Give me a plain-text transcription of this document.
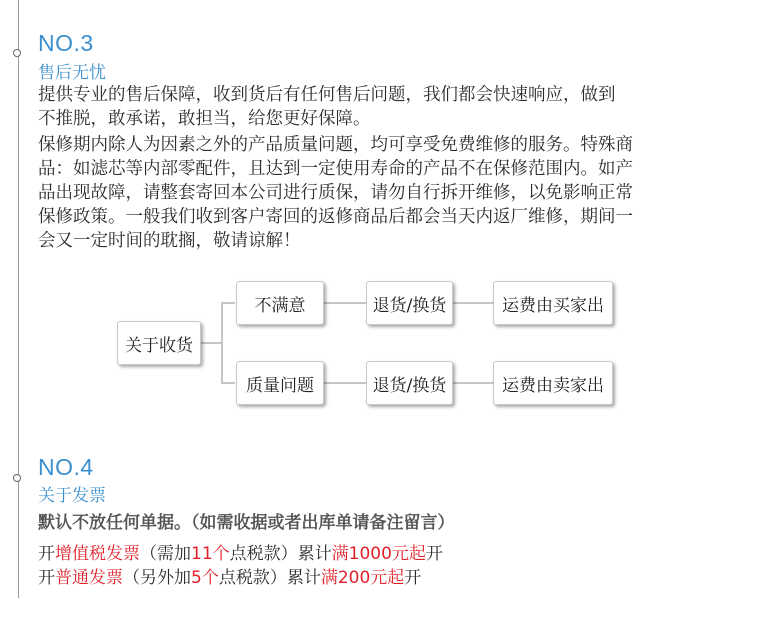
NO.3
售后无忧
提供专业的售后保障，收到货后有任何售后问题，我们都会快速响应，做到
不推脱，敢承诺，敢担当，给您更好保障。
保修期内除人为因素之外的产品质量问题，均可享受免费维修的服务。特殊商
品：如滤芯等内部零配件，且达到一定使用寿命的产品不在保修范围内。如产
品出现故障，请整套寄回本公司进行质保，请勿自行拆开维修，以免影响正常
保修政策。一般我们收到客户寄回的返修商品后都会当天内返厂维修，期间一
会又一定时间的耽搁，敬请谅解！
关于收货
不满意	退货/换货	运费由买家出
质量问题	退货/换货	运费由卖家出
NO.4
关于发票
默认不放任何单据。（如需收据或者出库单请备注留言）
开增值税发票（需加11个点税款）累计满1000元起开
开普通发票（另外加5个点税款）累计满200元起开
